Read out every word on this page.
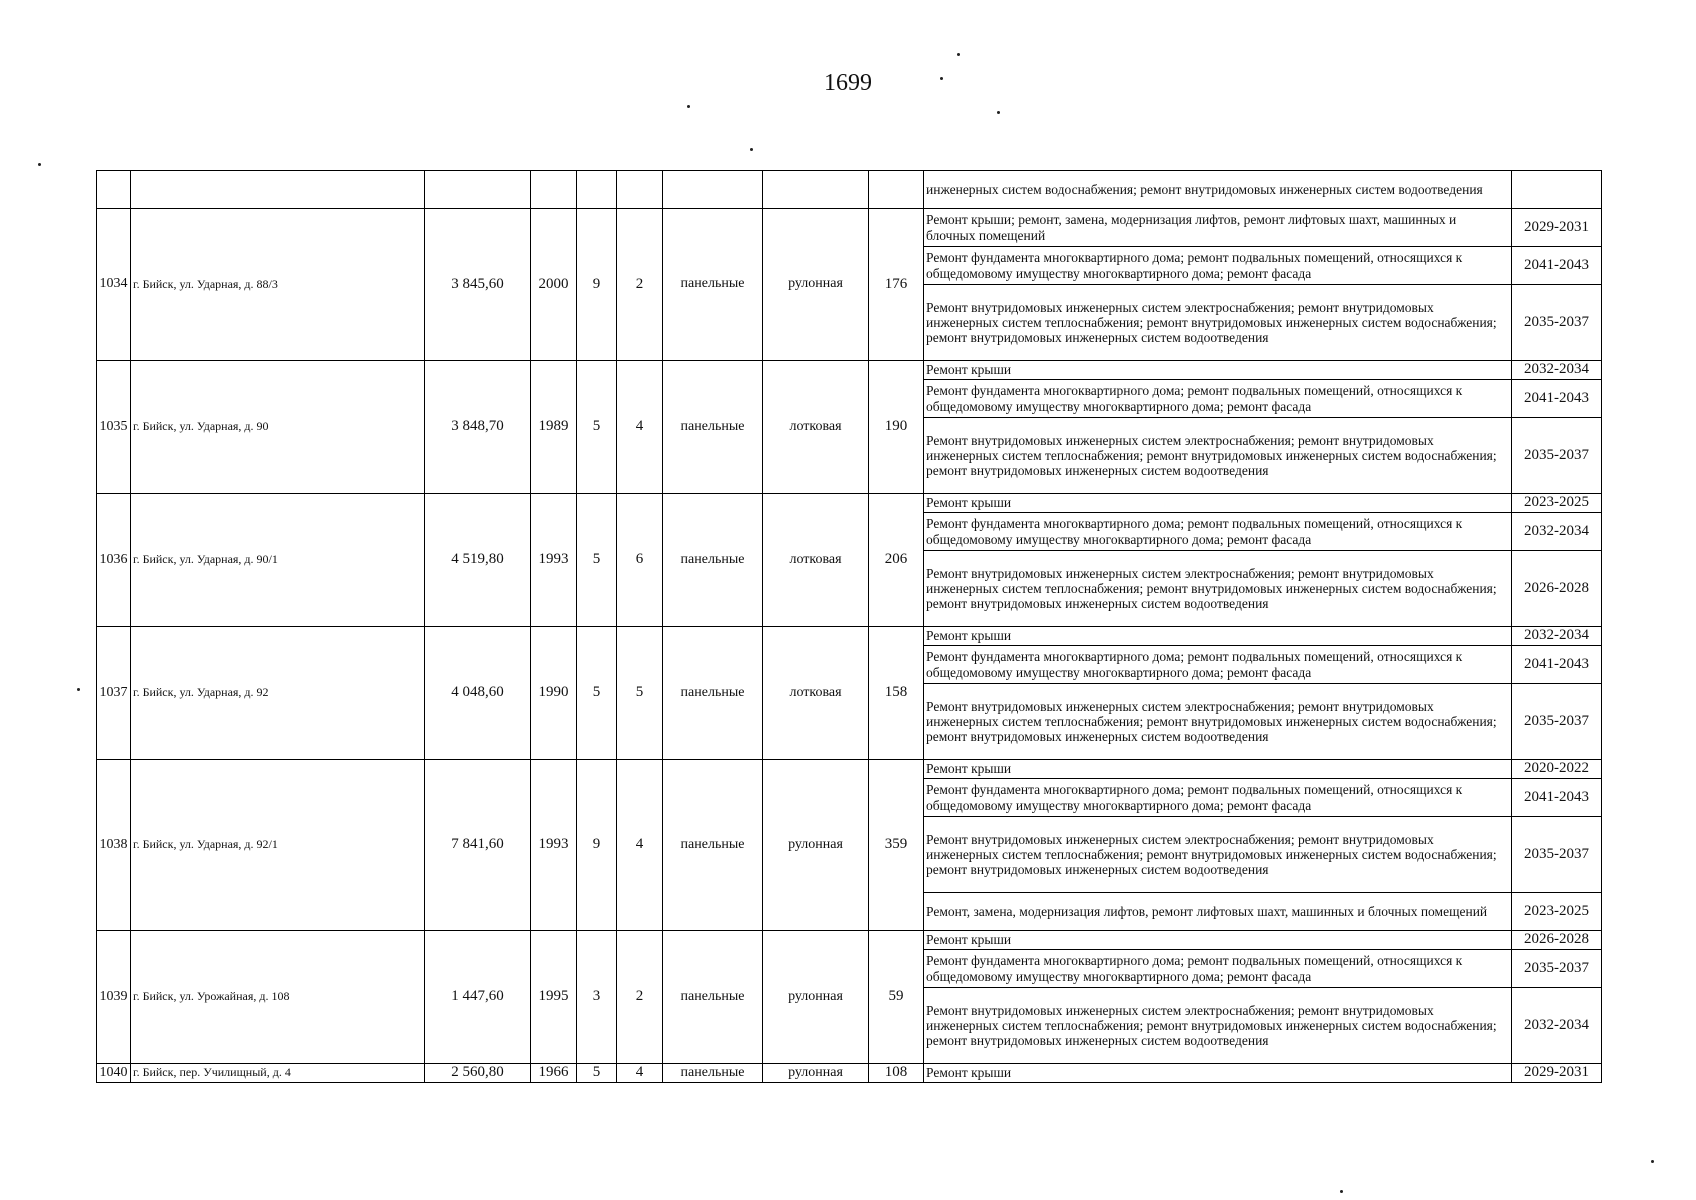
1699
									инженерных систем водоснабжения; ремонт внутридомовых инженерных систем водоотведения	
1034	г. Бийск, ул. Ударная, д. 88/3	3 845,60	2000	9	2	панельные	рулонная	176	Ремонт крыши; ремонт, замена, модернизация лифтов, ремонт лифтовых шахт, машинных и блочных помещений	2029-2031
									Ремонт фундамента многоквартирного дома; ремонт подвальных помещений, относящихся к общедомовому имуществу многоквартирного дома; ремонт фасада	2041-2043
									Ремонт внутридомовых инженерных систем электроснабжения; ремонт внутридомовых инженерных систем теплоснабжения; ремонт внутридомовых инженерных систем водоснабжения; ремонт внутридомовых инженерных систем водоотведения	2035-2037
1035	г. Бийск, ул. Ударная, д. 90	3 848,70	1989	5	4	панельные	лотковая	190	Ремонт крыши	2032-2034
									Ремонт фундамента многоквартирного дома; ремонт подвальных помещений, относящихся к общедомовому имуществу многоквартирного дома; ремонт фасада	2041-2043
									Ремонт внутридомовых инженерных систем электроснабжения; ремонт внутридомовых инженерных систем теплоснабжения; ремонт внутридомовых инженерных систем водоснабжения; ремонт внутридомовых инженерных систем водоотведения	2035-2037
1036	г. Бийск, ул. Ударная, д. 90/1	4 519,80	1993	5	6	панельные	лотковая	206	Ремонт крыши	2023-2025
									Ремонт фундамента многоквартирного дома; ремонт подвальных помещений, относящихся к общедомовому имуществу многоквартирного дома; ремонт фасада	2032-2034
									Ремонт внутридомовых инженерных систем электроснабжения; ремонт внутридомовых инженерных систем теплоснабжения; ремонт внутридомовых инженерных систем водоснабжения; ремонт внутридомовых инженерных систем водоотведения	2026-2028
1037	г. Бийск, ул. Ударная, д. 92	4 048,60	1990	5	5	панельные	лотковая	158	Ремонт крыши	2032-2034
									Ремонт фундамента многоквартирного дома; ремонт подвальных помещений, относящихся к общедомовому имуществу многоквартирного дома; ремонт фасада	2041-2043
									Ремонт внутридомовых инженерных систем электроснабжения; ремонт внутридомовых инженерных систем теплоснабжения; ремонт внутридомовых инженерных систем водоснабжения; ремонт внутридомовых инженерных систем водоотведения	2035-2037
1038	г. Бийск, ул. Ударная, д. 92/1	7 841,60	1993	9	4	панельные	рулонная	359	Ремонт крыши	2020-2022
									Ремонт фундамента многоквартирного дома; ремонт подвальных помещений, относящихся к общедомовому имуществу многоквартирного дома; ремонт фасада	2041-2043
									Ремонт внутридомовых инженерных систем электроснабжения; ремонт внутридомовых инженерных систем теплоснабжения; ремонт внутридомовых инженерных систем водоснабжения; ремонт внутридомовых инженерных систем водоотведения	2035-2037
									Ремонт, замена, модернизация лифтов, ремонт лифтовых шахт, машинных и блочных помещений	2023-2025
1039	г. Бийск, ул. Урожайная, д. 108	1 447,60	1995	3	2	панельные	рулонная	59	Ремонт крыши	2026-2028
									Ремонт фундамента многоквартирного дома; ремонт подвальных помещений, относящихся к общедомовому имуществу многоквартирного дома; ремонт фасада	2035-2037
									Ремонт внутридомовых инженерных систем электроснабжения; ремонт внутридомовых инженерных систем теплоснабжения; ремонт внутридомовых инженерных систем водоснабжения; ремонт внутридомовых инженерных систем водоотведения	2032-2034
1040	г. Бийск, пер. Училищный, д. 4	2 560,80	1966	5	4	панельные	рулонная	108	Ремонт крыши	2029-2031
